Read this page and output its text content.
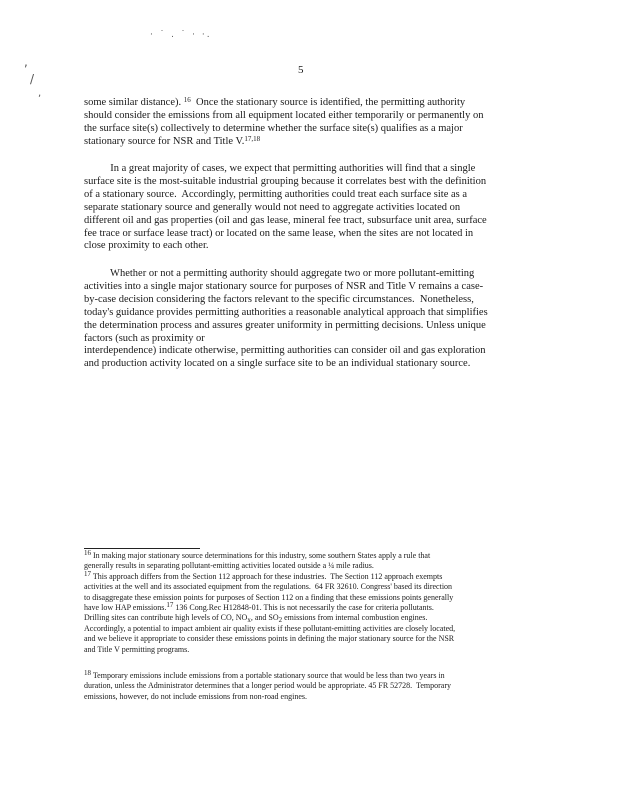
· ˙ . ˙ · ·.
,
/
,
5
some similar distance). $^{16}$  Once the stationary source is identified, the permitting authority
should consider the emissions from all equipment located either temporarily or permanently on
the surface site(s) collectively to determine whether the surface site(s) qualifies as a major
stationary source for NSR and Title V.$^{17,18}$
In a great majority of cases, we expect that permitting authorities will find that a single
surface site is the most-suitable industrial grouping because it correlates best with the definition
of a stationary source.  Accordingly, permitting authorities could treat each surface site as a
separate stationary source and generally would not need to aggregate activities located on
different oil and gas properties (oil and gas lease, mineral fee tract, subsurface unit area, surface
fee trace or surface lease tract) or located on the same lease, when the sites are not located in
close proximity to each other.
Whether or not a permitting authority should aggregate two or more pollutant-emitting
activities into a single major stationary source for purposes of NSR and Title V remains a case-
by-case decision considering the factors relevant to the specific circumstances.  Nonetheless,
today's guidance provides permitting authorities a reasonable analytical approach that simplifies
the determination process and assures greater uniformity in permitting decisions. Unless unique
factors (such as proximity or
interdependence) indicate otherwise, permitting authorities can consider oil and gas exploration
and production activity located on a single surface site to be an individual stationary source.
$^{16}$ In making major stationary source determinations for this industry, some southern States apply a rule that
generally results in separating pollutant-emitting activities located outside a ¼ mile radius.
$^{17}$ This approach differs from the Section 112 approach for these industries.  The Section 112 approach exempts
activities at the well and its associated equipment from the regulations.  64 FR 32610. Congress' based its direction
to disaggregate these emission points for purposes of Section 112 on a finding that these emissions points generally
have low HAP emissions.$^{17}$ 136 Cong.Rec H12848-01. This is not necessarily the case for criteria pollutants.
Drilling sites can contribute high levels of CO, $NO_x$, and $SO_2$ emissions from internal combustion engines.
Accordingly, a potential to impact ambient air quality exists if these pollutant-emitting activities are closely located,
and we believe it appropriate to consider these emissions points in defining the major stationary source for the NSR
and Title V permitting programs.
$^{18}$ Temporary emissions include emissions from a portable stationary source that would be less than two years in
duration, unless the Administrator determines that a longer period would be appropriate. 45 FR 52728.  Temporary
emissions, however, do not include emissions from non-road engines.
